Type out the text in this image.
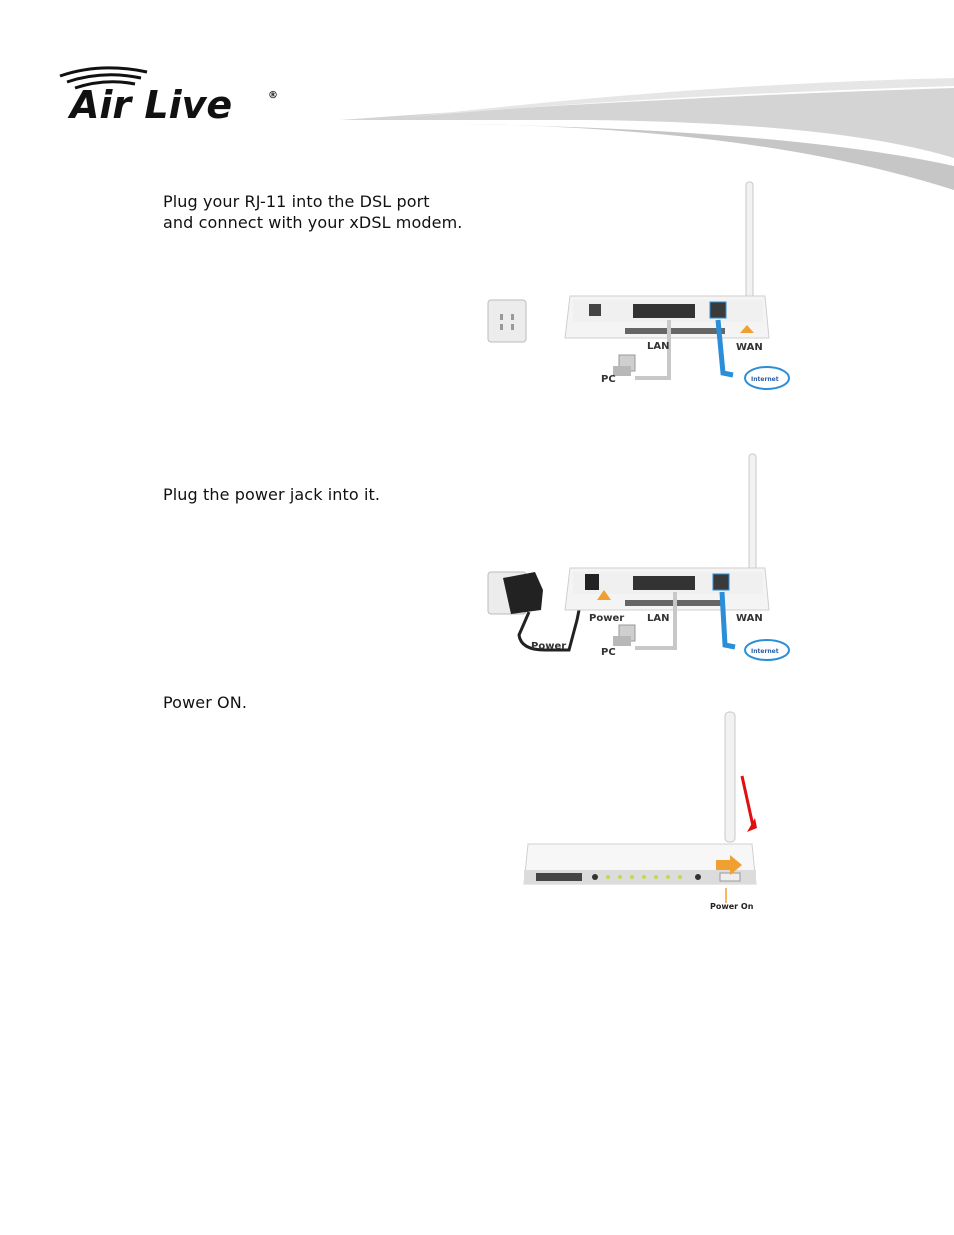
Air Live	®
Plug your RJ-11 into the DSL port and connect with your xDSL modem.
Plug the power jack into it.
Power ON.
LAN	WAN
PC	Internet
Power LAN	WAN
PC
Power	Internet
Power On
